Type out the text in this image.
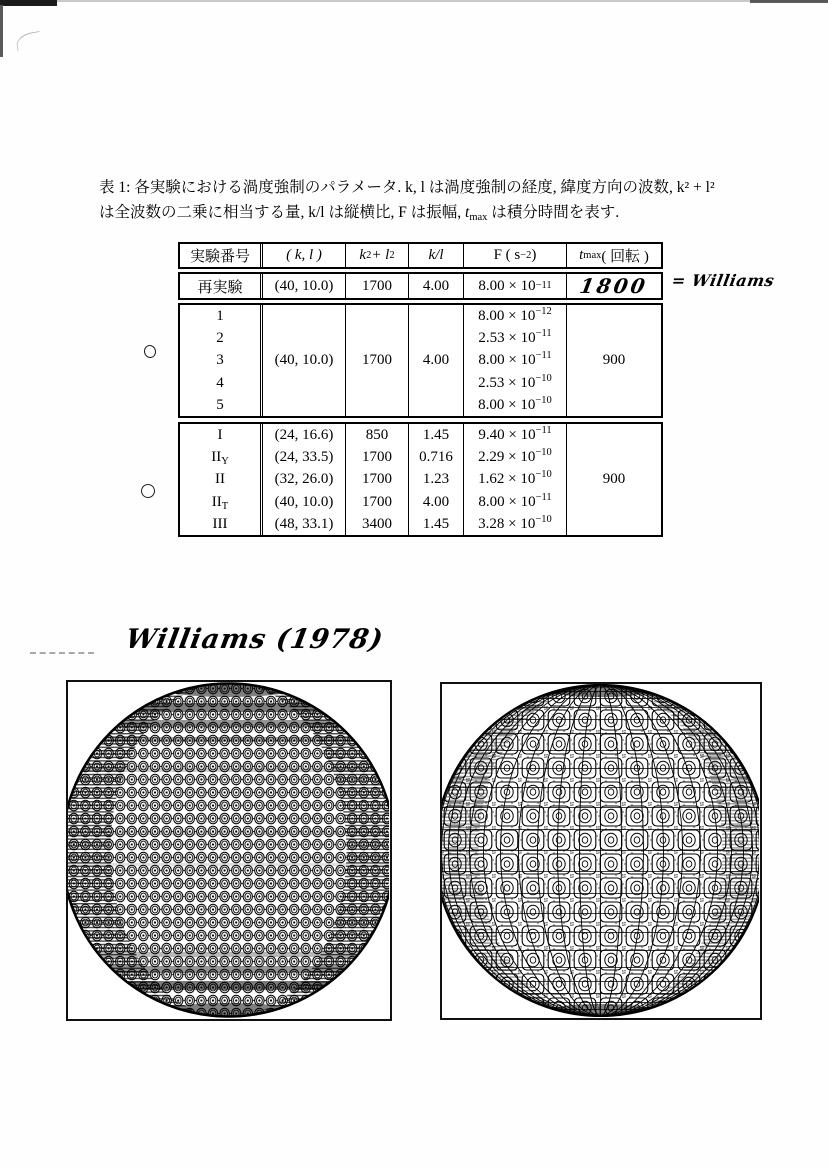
表 1: 各実験における渦度強制のパラメータ. k, l は渦度強制の経度, 緯度方向の波数, k² + l²
は全波数の二乗に相当する量, k/l は縦横比, F は振幅, $t_{max}$ は積分時間を表す.
実験番号 ( k, l ) k 2 + l 2 k/l	F ( s −2 )	t max ( 回転 )
再実験 (40, 10.0) 1700 4.00 8.00 × 10 −11 1800
1
2
3
4
5
(40, 10.0) 1700 4.00
$8.00 \times 10^{-12}$
$2.53 \times 10^{-11}$
$8.00 \times 10^{-11}$
$2.53 \times 10^{-10}$
$8.00 \times 10^{-10}$
900
I
$II_Y$
II
$II_T$
III
(24, 16.6)
(24, 33.5)
(32, 26.0)
(40, 10.0)
(48, 33.1)
850
1700
1700
1700
3400
1.45
0.716
1.23
4.00
1.45
$9.40 \times 10^{-11}$
$2.29 \times 10^{-10}$
$1.62 \times 10^{-10}$
$8.00 \times 10^{-11}$
$3.28 \times 10^{-10}$
900
= Williams
Williams (1978)
